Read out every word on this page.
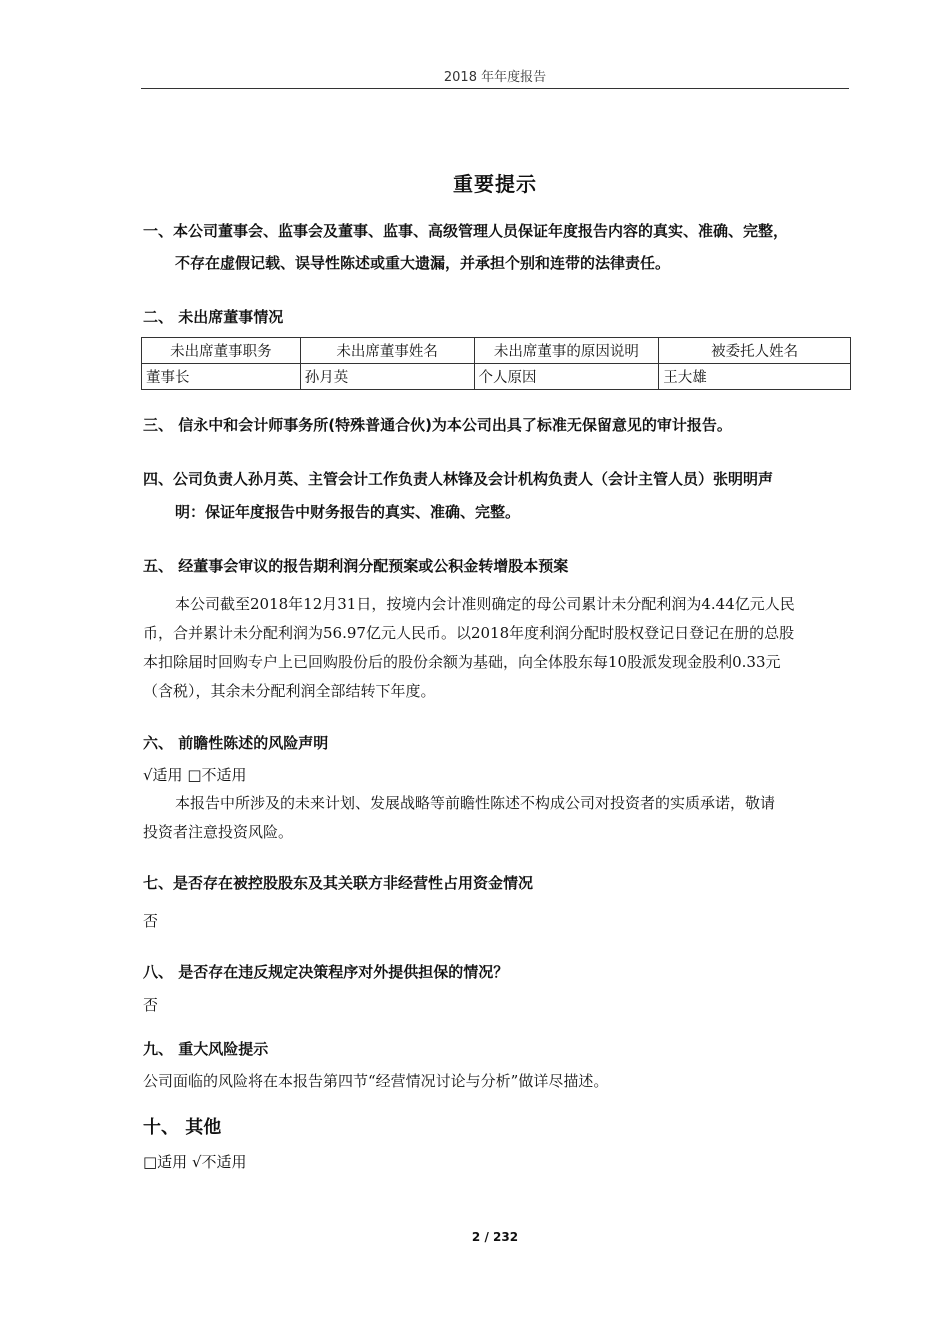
2018 年年度报告
重要提示
一、本公司董事会、监事会及董事、监事、高级管理人员保证年度报告内容的真实、准确、完整，
不存在虚假记载、误导性陈述或重大遗漏，并承担个别和连带的法律责任。
二、 未出席董事情况
未出席董事职务	未出席董事姓名	未出席董事的原因说明	被委托人姓名
董事长	孙月英	个人原因	王大雄
三、 信永中和会计师事务所(特殊普通合伙)为本公司出具了标准无保留意见的审计报告。
四、公司负责人孙月英、主管会计工作负责人林锋及会计机构负责人（会计主管人员）张明明声
明：保证年度报告中财务报告的真实、准确、完整。
五、 经董事会审议的报告期利润分配预案或公积金转增股本预案
本公司截至2018年12月31日，按境内会计准则确定的母公司累计未分配利润为4.44亿元人民
币，合并累计未分配利润为56.97亿元人民币。以2018年度利润分配时股权登记日登记在册的总股
本扣除届时回购专户上已回购股份后的股份余额为基础，向全体股东每10股派发现金股利0.33元
（含税），其余未分配利润全部结转下年度。
六、 前瞻性陈述的风险声明
√适用 □不适用
本报告中所涉及的未来计划、发展战略等前瞻性陈述不构成公司对投资者的实质承诺，敬请
投资者注意投资风险。
七、是否存在被控股股东及其关联方非经营性占用资金情况
否
八、 是否存在违反规定决策程序对外提供担保的情况？
否
九、 重大风险提示
公司面临的风险将在本报告第四节“经营情况讨论与分析”做详尽描述。
十、 其他
□适用 √不适用
2 / 232
